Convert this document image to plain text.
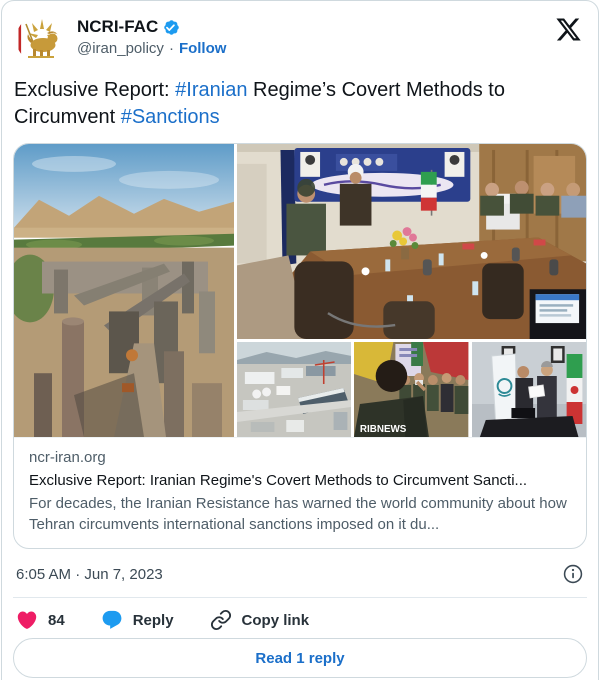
NCRI-FAC
@iran_policy · Follow
Exclusive Report: #Iranian Regime’s Covert Methods to Circumvent #Sanctions
RIBNEWS
ncr-iran.org
Exclusive Report: Iranian Regime's Covert Methods to Circumvent Sancti...
For decades, the Iranian Resistance has warned the world community about how Tehran circumvents international sanctions imposed on it du...
6:05 AM · Jun 7, 2023
84	Reply	Copy link
Read 1 reply
